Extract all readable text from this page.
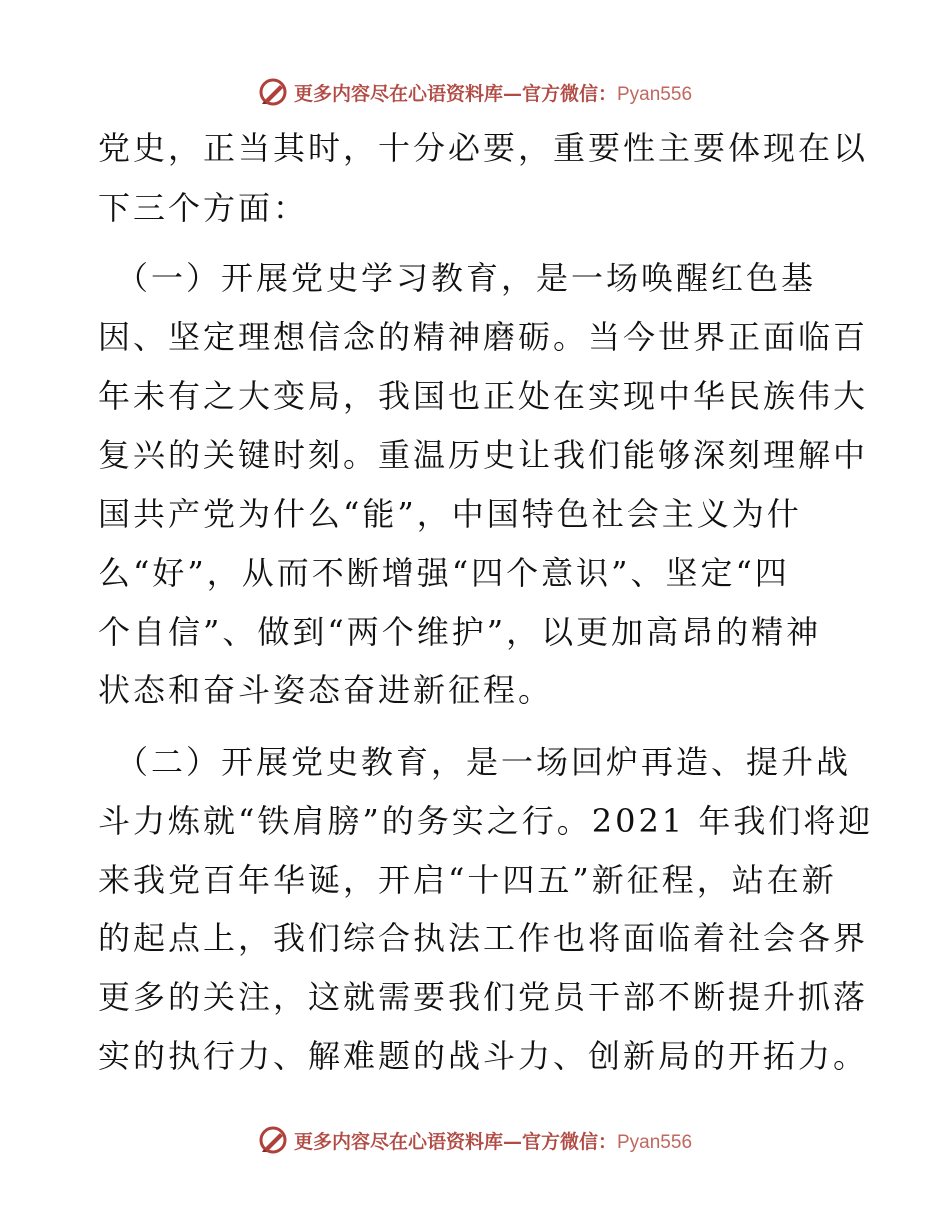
更多内容尽在心语资料库—官方微信：Pyan556
党史，正当其时，十分必要，重要性主要体现在以
下三个方面：
（一）开展党史学习教育，是一场唤醒红色基
因、坚定理想信念的精神磨砺。当今世界正面临百
年未有之大变局，我国也正处在实现中华民族伟大
复兴的关键时刻。重温历史让我们能够深刻理解中
国共产党为什么“能”，中国特色社会主义为什
么“好”，从而不断增强“四个意识”、坚定“四
个自信”、做到“两个维护”，以更加高昂的精神
状态和奋斗姿态奋进新征程。
（二）开展党史教育，是一场回炉再造、提升战
斗力炼就“铁肩膀”的务实之行。2021 年我们将迎
来我党百年华诞，开启“十四五”新征程，站在新
的起点上，我们综合执法工作也将面临着社会各界
更多的关注，这就需要我们党员干部不断提升抓落
实的执行力、解难题的战斗力、创新局的开拓力。
更多内容尽在心语资料库—官方微信：Pyan556
